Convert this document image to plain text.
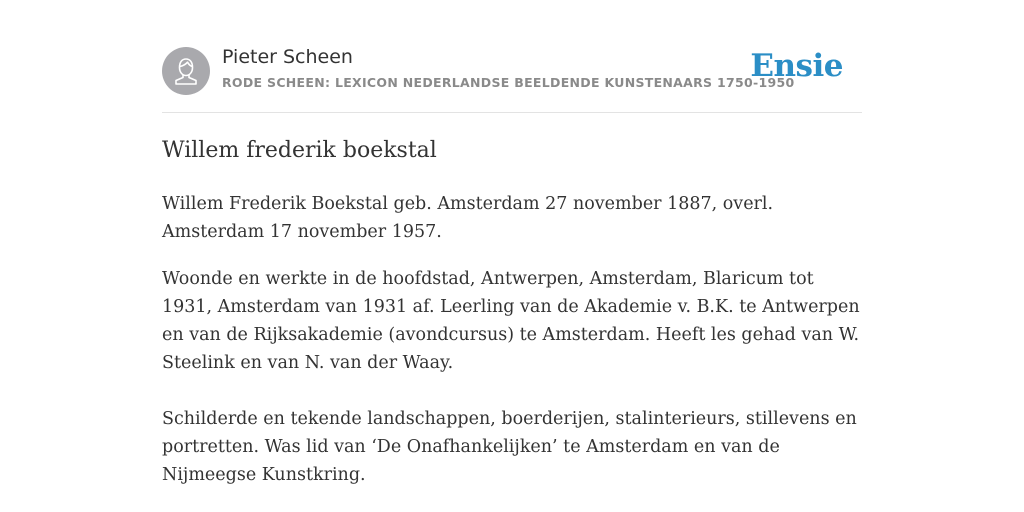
Pieter Scheen
RODE SCHEEN: LEXICON NEDERLANDSE BEELDENDE KUNSTENAARS 1750-1950
Ensie
Willem frederik boekstal

Willem Frederik Boekstal geb. Amsterdam 27 november 1887, overl. Amsterdam 17 november 1957.

Woonde en werkte in de hoofdstad, Antwerpen, Amsterdam, Blaricum tot 1931, Amsterdam van 1931 af. Leerling van de Akademie v. B.K. te Antwerpen en van de Rijksakademie (avondcursus) te Amsterdam. Heeft les gehad van W. Steelink en van N. van der Waay.

Schilderde en tekende landschappen, boerderijen, stalinterieurs, stillevens en portretten. Was lid van ‘De Onafhankelijken’ te Amsterdam en van de Nijmeegse Kunstkring.
